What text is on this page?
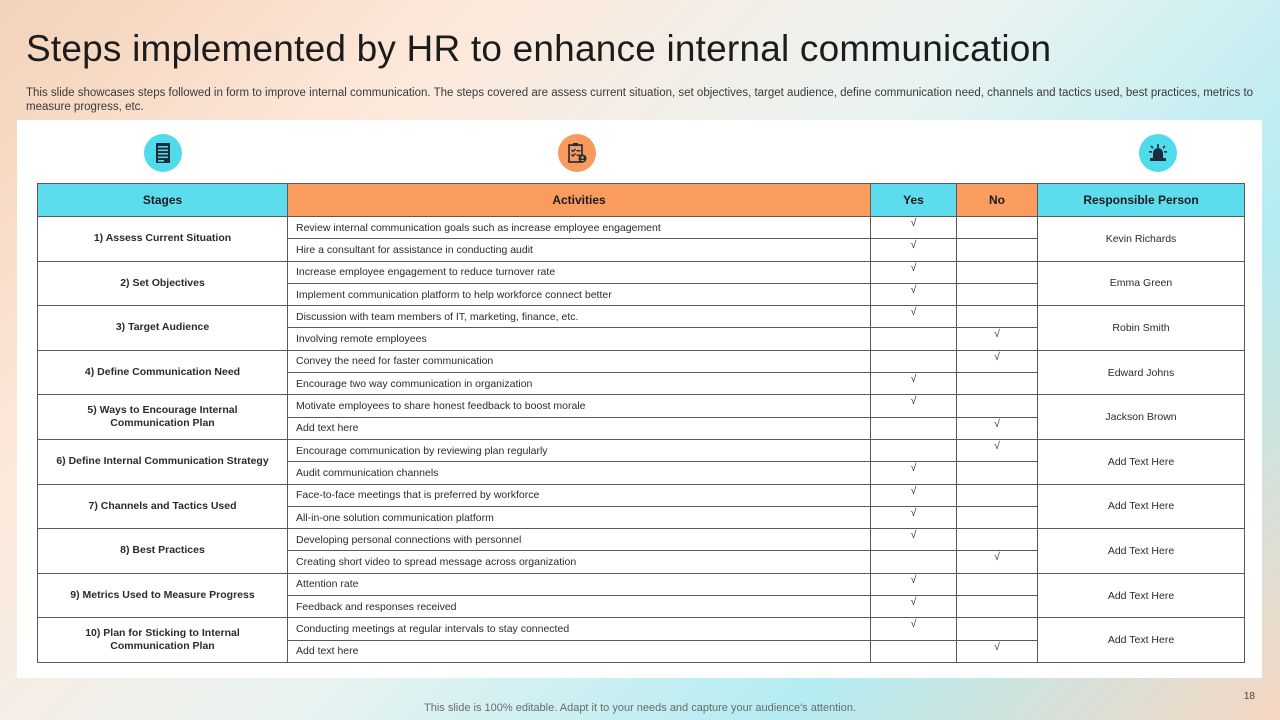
Steps implemented by HR to enhance internal communication

This slide showcases steps followed in form to improve internal communication. The steps covered are assess current situation, set objectives, target audience, define communication need, channels and tactics used, best practices, metrics to measure progress, etc.

Stages	Activities	Yes	No	Responsible Person
1) Assess Current Situation	Review internal communication goals such as increase employee engagement	√		Kevin Richards
	Hire a consultant for assistance in conducting audit	√		
2) Set Objectives	Increase employee engagement to reduce turnover rate	√		Emma Green
	Implement communication platform to help workforce connect better	√		
3) Target Audience	Discussion with team members of IT, marketing, finance, etc.	√		Robin Smith
	Involving remote employees		√	
4) Define Communication Need	Convey the need for faster communication		√	Edward Johns
	Encourage two way communication in organization	√		
5) Ways to Encourage Internal Communication Plan	Motivate employees to share honest feedback to boost morale	√		Jackson Brown
	Add text here		√	
6) Define Internal Communication Strategy	Encourage communication by reviewing plan regularly		√	Add Text Here
	Audit communication channels	√		
7) Channels and Tactics Used	Face-to-face meetings that is preferred by workforce	√		Add Text Here
	All-in-one solution communication platform	√		
8) Best Practices	Developing personal connections with personnel	√		Add Text Here
	Creating short video to spread message across organization		√	
9) Metrics Used to Measure Progress	Attention rate	√		Add Text Here
	Feedback and responses received	√		
10) Plan for Sticking to Internal Communication Plan	Conducting meetings at regular intervals to stay connected	√		Add Text Here
	Add text here		√	
This slide is 100% editable. Adapt it to your needs and capture your audience's attention.
18
